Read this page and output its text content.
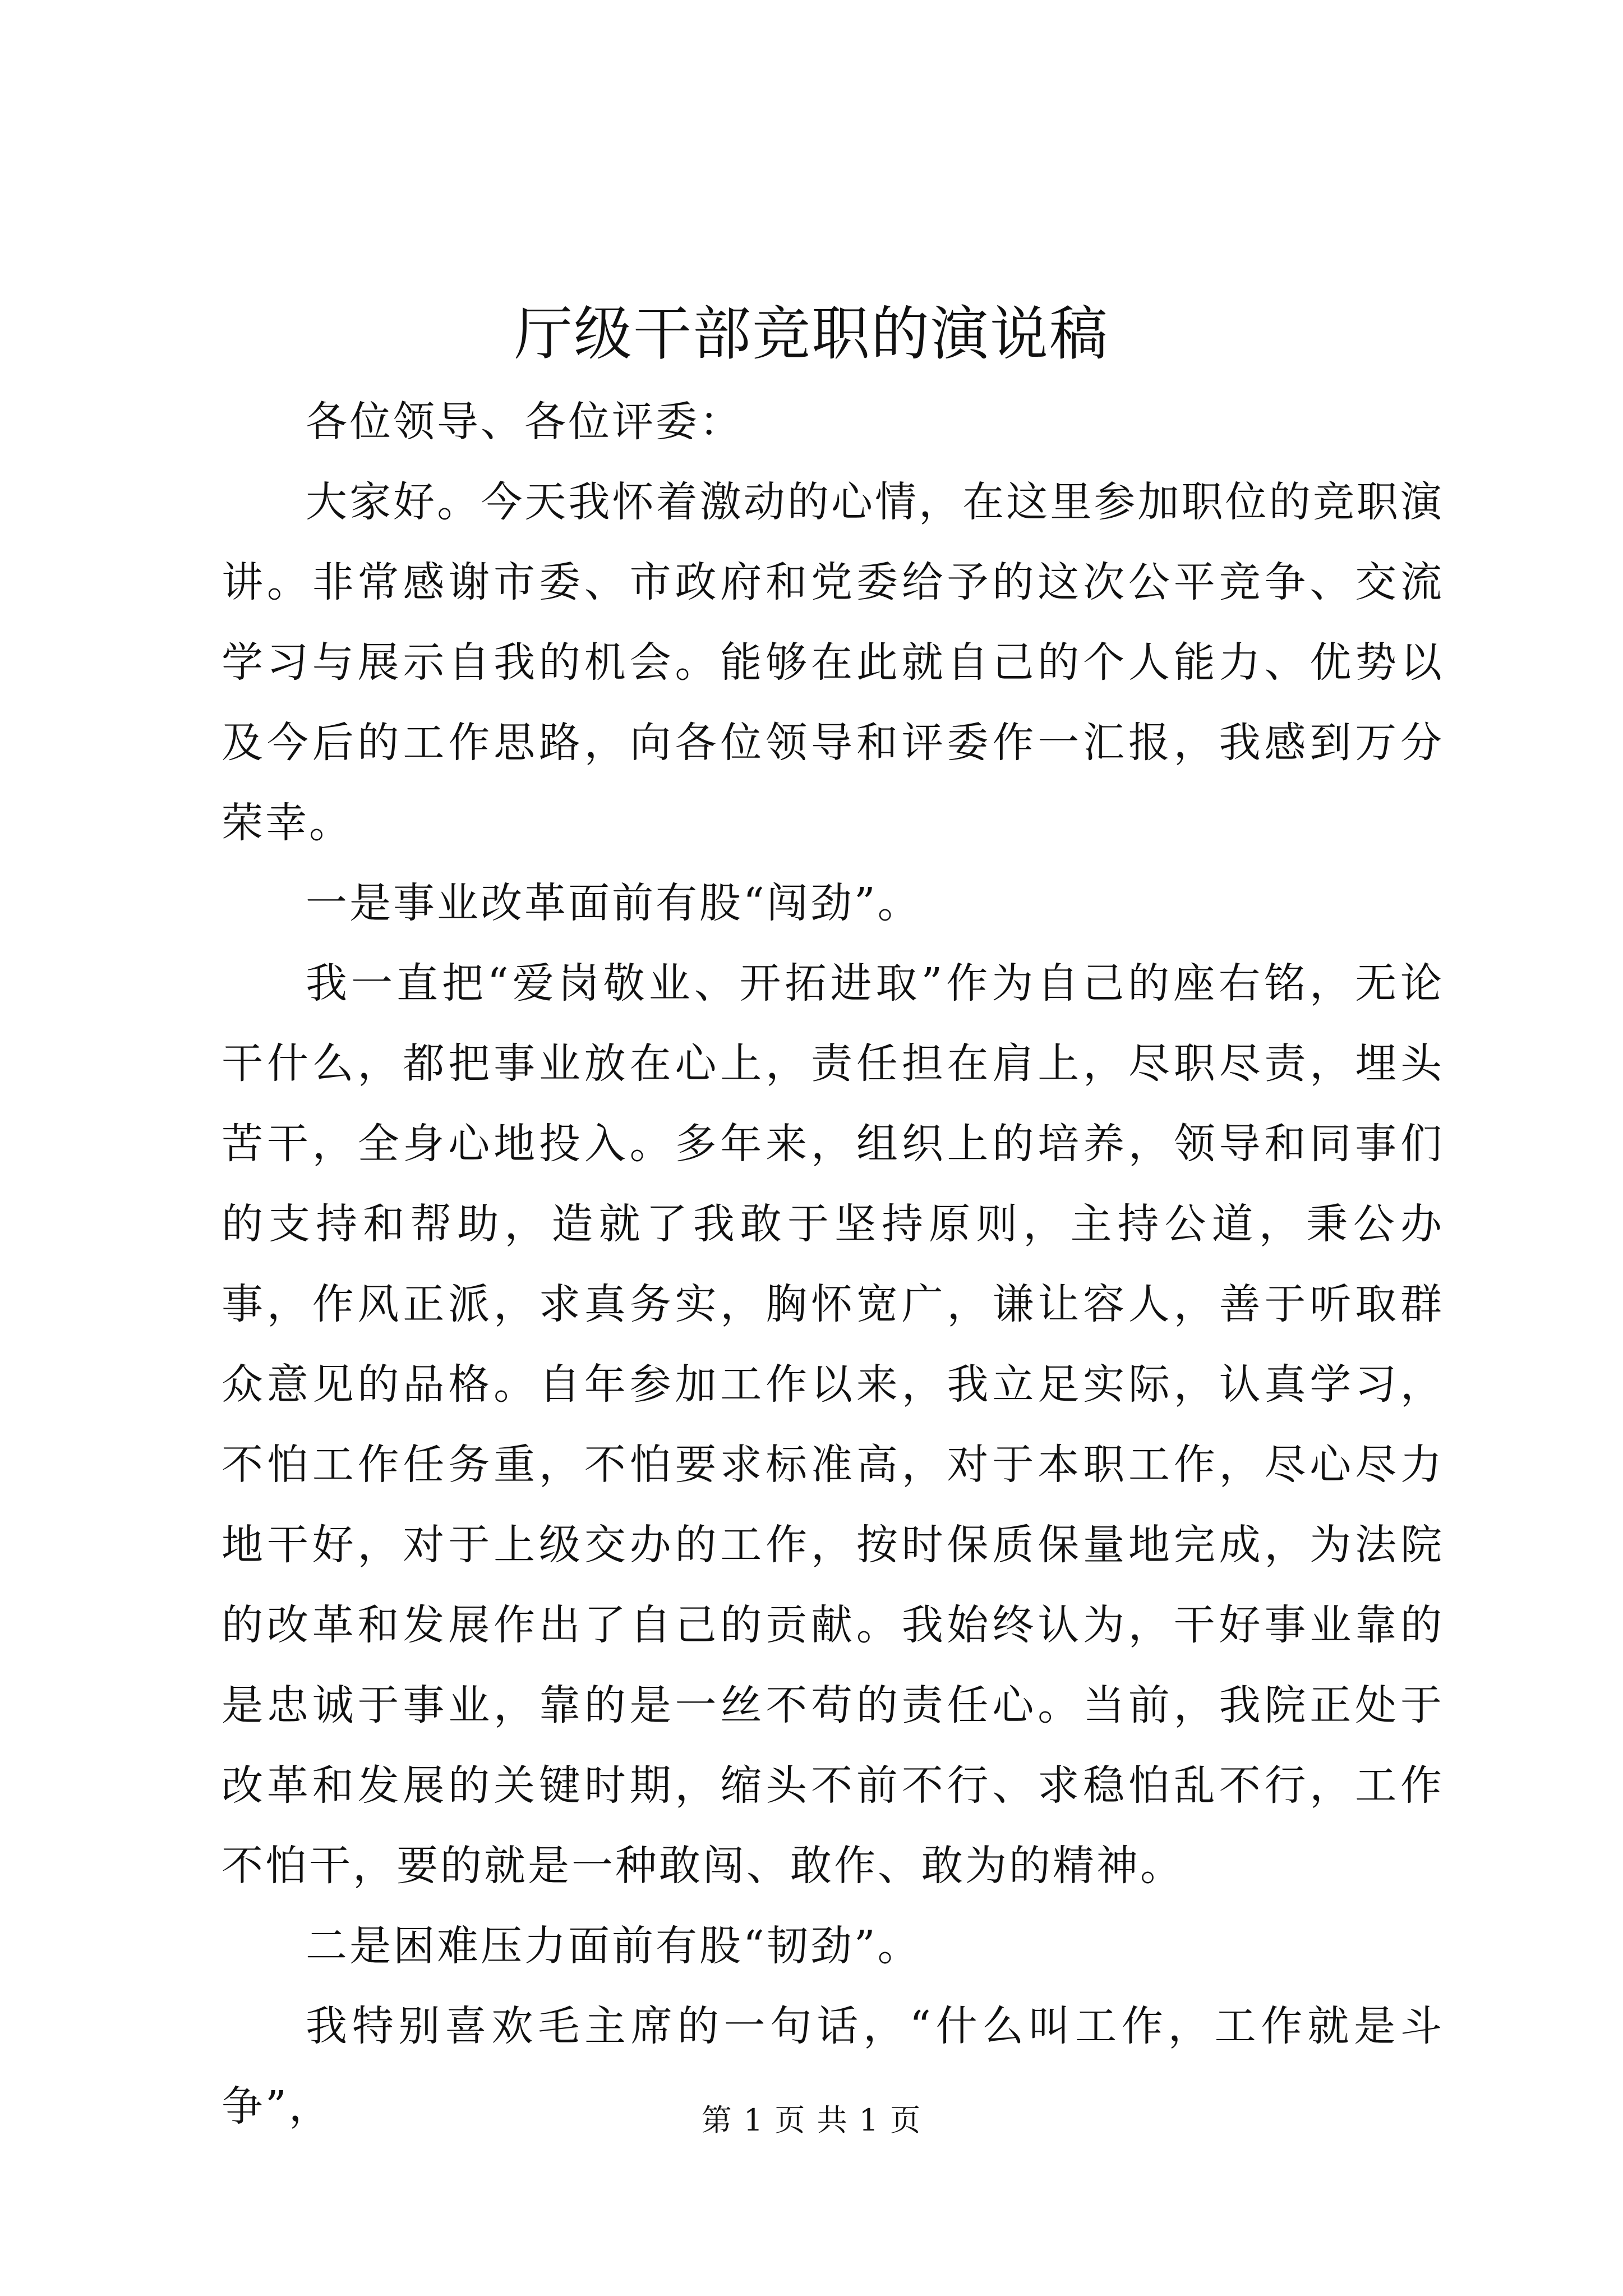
厅级干部竞职的演说稿

各位领导、各位评委：

大家好。今天我怀着激动的心情，在这里参加职位的竞职演讲。非常感谢市委、市政府和党委给予的这次公平竞争、交流学习与展示自我的机会。能够在此就自己的个人能力、优势以及今后的工作思路，向各位领导和评委作一汇报，我感到万分荣幸。

一是事业改革面前有股“闯劲”。

我一直把“爱岗敬业、开拓进取”作为自己的座右铭，无论干什么，都把事业放在心上，责任担在肩上，尽职尽责，埋头苦干，全身心地投入。多年来，组织上的培养，领导和同事们的支持和帮助，造就了我敢于坚持原则，主持公道，秉公办事，作风正派，求真务实，胸怀宽广，谦让容人，善于听取群众意见的品格。自年参加工作以来，我立足实际，认真学习，不怕工作任务重，不怕要求标准高，对于本职工作，尽心尽力地干好，对于上级交办的工作，按时保质保量地完成，为法院的改革和发展作出了自己的贡献。我始终认为，干好事业靠的是忠诚于事业，靠的是一丝不苟的责任心。当前，我院正处于改革和发展的关键时期，缩头不前不行、求稳怕乱不行，工作不怕干，要的就是一种敢闯、敢作、敢为的精神。

二是困难压力面前有股“韧劲”。

我特别喜欢毛主席的一句话，“什么叫工作，工作就是斗争”，	第 1 页 共 1 页
